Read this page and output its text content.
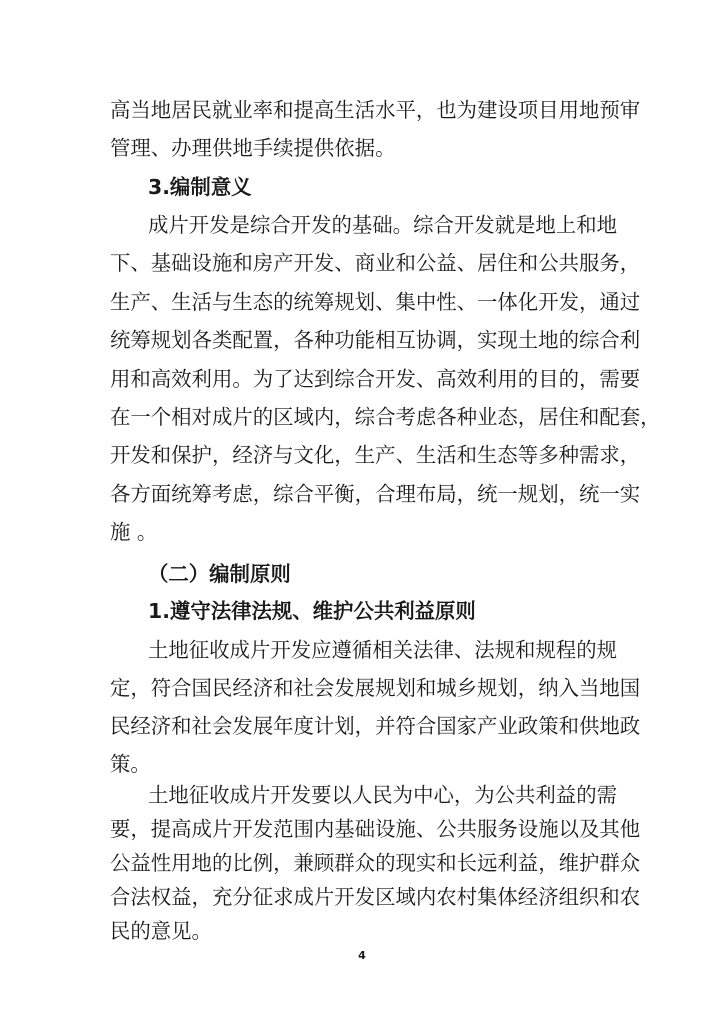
高当地居民就业率和提高生活水平，也为建设项目用地预审
管理、办理供地手续提供依据。
3.编制意义
成片开发是综合开发的基础。综合开发就是地上和地
下、基础设施和房产开发、商业和公益、居住和公共服务，
生产、生活与生态的统筹规划、集中性、一体化开发，通过
统筹规划各类配置，各种功能相互协调，实现土地的综合利
用和高效利用。为了达到综合开发、高效利用的目的，需要
在一个相对成片的区域内，综合考虑各种业态，居住和配套，
开发和保护，经济与文化，生产、生活和生态等多种需求，
各方面统筹考虑，综合平衡，合理布局，统一规划，统一实
施 。
（二）编制原则
1.遵守法律法规、维护公共利益原则
土地征收成片开发应遵循相关法律、法规和规程的规
定，符合国民经济和社会发展规划和城乡规划，纳入当地国
民经济和社会发展年度计划，并符合国家产业政策和供地政
策。
土地征收成片开发要以人民为中心，为公共利益的需
要，提高成片开发范围内基础设施、公共服务设施以及其他
公益性用地的比例，兼顾群众的现实和长远利益，维护群众
合法权益，充分征求成片开发区域内农村集体经济组织和农
4
民的意见。
